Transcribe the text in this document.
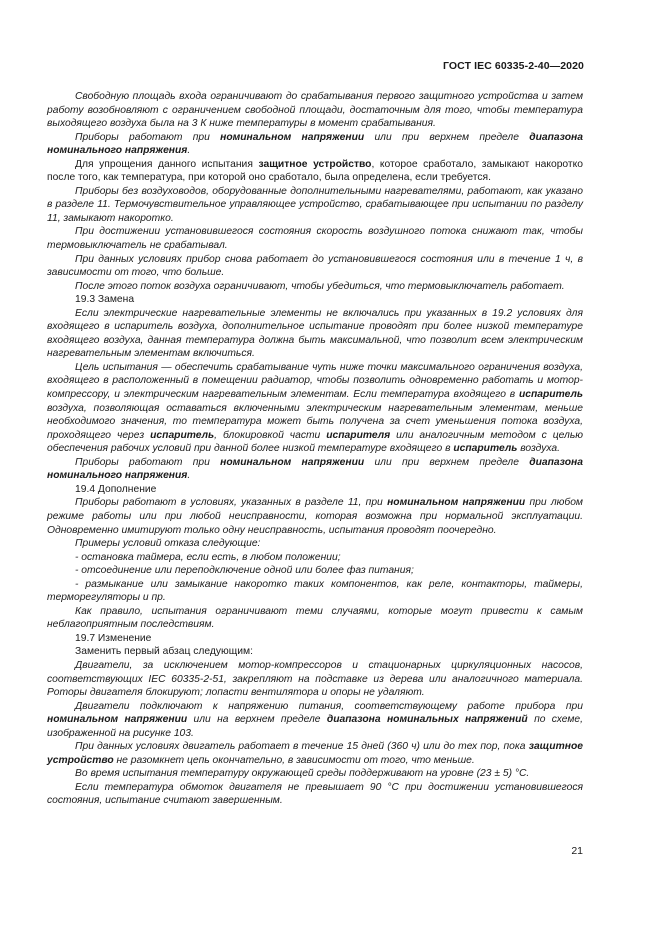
ГОСТ IEC 60335-2-40—2020

Свободную площадь входа ограничивают до срабатывания первого защитного устройства и затем работу возобновляют с ограничением свободной площади, достаточным для того, чтобы температура выходящего воздуха была на 3 К ниже температуры в момент срабатывания.

Приборы работают при номинальном напряжении или при верхнем пределе диапазона номинального напряжения.

Для упрощения данного испытания защитное устройство, которое сработало, замыкают накоротко после того, как температура, при которой оно сработало, была определена, если требуется.

Приборы без воздуховодов, оборудованные дополнительными нагревателями, работают, как указано в разделе 11. Термочувствительное управляющее устройство, срабатывающее при испытании по разделу 11, замыкают накоротко.

При достижении установившегося состояния скорость воздушного потока снижают так, чтобы термовыключатель не срабатывал.

При данных условиях прибор снова работает до установившегося состояния или в течение 1 ч, в зависимости от того, что больше.

После этого поток воздуха ограничивают, чтобы убедиться, что термовыключатель работает.

19.3 Замена

Если электрические нагревательные элементы не включались при указанных в 19.2 условиях для входящего в испаритель воздуха, дополнительное испытание проводят при более низкой температуре входящего воздуха, данная температура должна быть максимальной, что позволит всем электрическим нагревательным элементам включиться.

Цель испытания — обеспечить срабатывание чуть ниже точки максимального ограничения воздуха, входящего в расположенный в помещении радиатор, чтобы позволить одновременно работать и мотор-компрессору, и электрическим нагревательным элементам. Если температура входящего в испаритель воздуха, позволяющая оставаться включенными электрическим нагревательным элементам, меньше необходимого значения, то температура может быть получена за счет уменьшения потока воздуха, проходящего через испаритель, блокировкой части испарителя или аналогичным методом с целью обеспечения рабочих условий при данной более низкой температуре входящего в испаритель воздуха.

Приборы работают при номинальном напряжении или при верхнем пределе диапазона номинального напряжения.

19.4 Дополнение

Приборы работают в условиях, указанных в разделе 11, при номинальном напряжении при любом режиме работы или при любой неисправности, которая возможна при нормальной эксплуатации. Одновременно имитируют только одну неисправность, испытания проводят поочередно.

Примеры условий отказа следующие:

- остановка таймера, если есть, в любом положении;

- отсоединение или переподключение одной или более фаз питания;

- размыкание или замыкание накоротко таких компонентов, как реле, контакторы, таймеры, терморегуляторы и пр.

Как правило, испытания ограничивают теми случаями, которые могут привести к самым неблагоприятным последствиям.

19.7 Изменение

Заменить первый абзац следующим:

Двигатели, за исключением мотор-компрессоров и стационарных циркуляционных насосов, соответствующих IEC 60335-2-51, закрепляют на подставке из дерева или аналогичного материала. Роторы двигателя блокируют; лопасти вентилятора и опоры не удаляют.

Двигатели подключают к напряжению питания, соответствующему работе прибора при номинальном напряжении или на верхнем пределе диапазона номинальных напряжений по схеме, изображенной на рисунке 103.

При данных условиях двигатель работает в течение 15 дней (360 ч) или до тех пор, пока защитное устройство не разомкнет цепь окончательно, в зависимости от того, что меньше.

Во время испытания температуру окружающей среды поддерживают на уровне (23 ± 5) °С.

Если температура обмоток двигателя не превышает 90 °С при достижении установившегося состояния, испытание считают завершенным.

21
